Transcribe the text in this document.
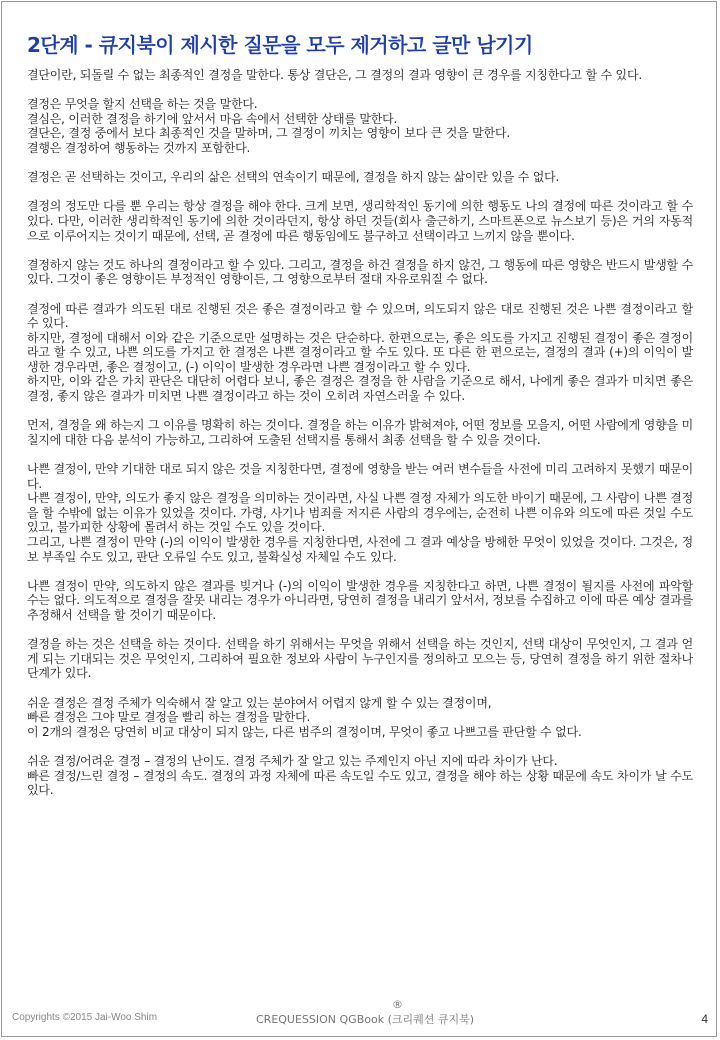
2단계 - 큐지북이 제시한 질문을 모두 제거하고 글만 남기기

결단이란, 되돌릴 수 없는 최종적인 결정을 말한다. 통상 결단은, 그 결정의 결과 영향이 큰 경우를 지칭한다고 할 수 있다.

결정은 무엇을 할지 선택을 하는 것을 말한다.
결심은, 이러한 결정을 하기에 앞서서 마음 속에서 선택한 상태를 말한다.
결단은, 결정 중에서 보다 최종적인 것을 말하며, 그 결정이 끼치는 영향이 보다 큰 것을 말한다.
결행은 결정하여 행동하는 것까지 포함한다.

결정은 곧 선택하는 것이고, 우리의 삶은 선택의 연속이기 때문에, 결정을 하지 않는 삶이란 있을 수 없다.

결정의 정도만 다를 뿐 우리는 항상 결정을 해야 한다. 크게 보면, 생리학적인 동기에 의한 행동도 나의 결정에 따른 것이라고 할 수 있다. 다만, 이러한 생리학적인 동기에 의한 것이라던지, 항상 하던 것들(회사 출근하기, 스마트폰으로 뉴스보기 등)은 거의 자동적으로 이루어지는 것이기 때문에, 선택, 곧 결정에 따른 행동임에도 불구하고 선택이라고 느끼지 않을 뿐이다.

결정하지 않는 것도 하나의 결정이라고 할 수 있다. 그리고, 결정을 하건 결정을 하지 않건, 그 행동에 따른 영향은 반드시 발생할 수 있다. 그것이 좋은 영향이든 부정적인 영향이든, 그 영향으로부터 절대 자유로워질 수 없다.

결정에 따른 결과가 의도된 대로 진행된 것은 좋은 결정이라고 할 수 있으며, 의도되지 않은 대로 진행된 것은 나쁜 결정이라고 할 수 있다.
하지만, 결정에 대해서 이와 같은 기준으로만 설명하는 것은 단순하다. 한편으로는, 좋은 의도를 가지고 진행된 결정이 좋은 결정이라고 할 수 있고, 나쁜 의도를 가지고 한 결정은 나쁜 결정이라고 할 수도 있다. 또 다른 한 편으로는, 결정의 결과 (+)의 이익이 발생한 경우라면, 좋은 결정이고, (-) 이익이 발생한 경우라면 나쁜 결정이라고 할 수 있다.
하지만, 이와 같은 가치 판단은 대단히 어렵다 보니, 좋은 결정은 결정을 한 사람을 기준으로 해서, 나에게 좋은 결과가 미치면 좋은 결정, 좋지 않은 결과가 미치면 나쁜 결정이라고 하는 것이 오히려 자연스러울 수 있다.

먼저, 결정을 왜 하는지 그 이유를 명확히 하는 것이다. 결정을 하는 이유가 밝혀져야, 어떤 정보를 모을지, 어떤 사람에게 영향을 미칠지에 대한 다음 분석이 가능하고, 그리하여 도출된 선택지를 통해서 최종 선택을 할 수 있을 것이다.

나쁜 결정이, 만약 기대한 대로 되지 않은 것을 지칭한다면, 결정에 영향을 받는 여러 변수들을 사전에 미리 고려하지 못했기 때문이다.
나쁜 결정이, 만약, 의도가 좋지 않은 결정을 의미하는 것이라면, 사실 나쁜 결정 자체가 의도한 바이기 때문에, 그 사람이 나쁜 결정을 할 수밖에 없는 이유가 있었을 것이다. 가령, 사기나 범죄를 저지른 사람의 경우에는, 순전히 나쁜 이유와 의도에 따른 것일 수도 있고, 불가피한 상황에 몰려서 하는 것일 수도 있을 것이다.
그리고, 나쁜 결정이 만약 (-)의 이익이 발생한 경우를 지칭한다면, 사전에 그 결과 예상을 방해한 무엇이 있었을 것이다. 그것은, 정보 부족일 수도 있고, 판단 오류일 수도 있고, 불확실성 자체일 수도 있다.

나쁜 결정이 만약, 의도하지 않은 결과를 빚거나 (-)의 이익이 발생한 경우를 지칭한다고 하면, 나쁜 결정이 될지를 사전에 파악할 수는 없다. 의도적으로 결정을 잘못 내리는 경우가 아니라면, 당연히 결정을 내리기 앞서서, 정보를 수집하고 이에 따른 예상 결과를 추정해서 선택을 할 것이기 때문이다.

결정을 하는 것은 선택을 하는 것이다. 선택을 하기 위해서는 무엇을 위해서 선택을 하는 것인지, 선택 대상이 무엇인지, 그 결과 얻게 되는 기대되는 것은 무엇인지, 그리하여 필요한 정보와 사람이 누구인지를 정의하고 모으는 등, 당연히 결정을 하기 위한 절차나 단계가 있다.

쉬운 결정은 결정 주체가 익숙해서 잘 알고 있는 분야여서 어렵지 않게 할 수 있는 결정이며,
빠른 결정은 그야 말로 결정을 빨리 하는 결정을 말한다.
이 2개의 결정은 당연히 비교 대상이 되지 않는, 다른 범주의 결정이며, 무엇이 좋고 나쁘고를 판단할 수 없다.

쉬운 결정/어려운 결정 – 결정의 난이도. 결정 주체가 잘 알고 있는 주제인지 아닌 지에 따라 차이가 난다.
빠른 결정/느린 결정 – 결정의 속도. 결정의 과정 자체에 따른 속도일 수도 있고, 결정을 해야 하는 상황 때문에 속도 차이가 날 수도 있다.

Copyrights ©2015 Jai-Woo Shim
®
CREQUESSION QGBook (크리퀘션 큐지북)	4
